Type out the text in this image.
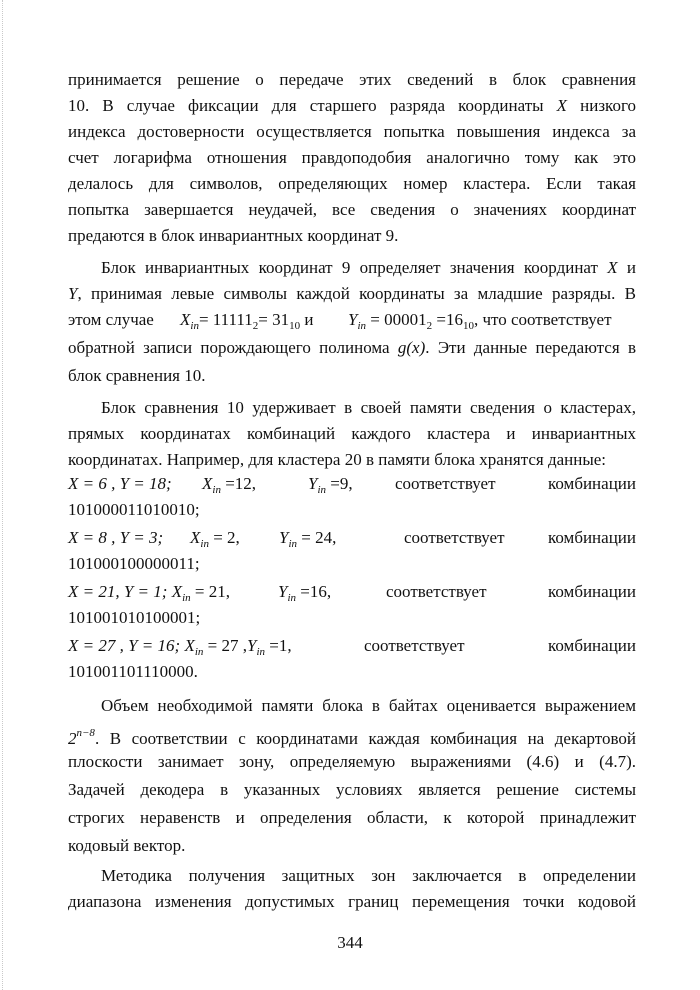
принимается решение о передаче этих сведений в блок сравнения
10. В случае фиксации для старшего разряда координаты X низкого
индекса достоверности осуществляется попытка повышения индекса за
счет логарифма отношения правдоподобия аналогично тому как это
делалось для символов, определяющих номер кластера. Если такая
попытка завершается неудачей, все сведения о значениях координат
предаются в блок инвариантных координат 9.
Блок инвариантных координат 9 определяет значения координат X и
Y, принимая левые символы каждой координаты за младшие разряды. В
этом случае $X_{in}= 11111_2= 31_{10}$ и $Y_{in} = 00001_2 =16_{10}$, что соответствует
обратной записи порождающего полинома g(x). Эти данные передаются в
блок сравнения 10.
Блок сравнения 10 удерживает в своей памяти сведения о кластерах,
прямых координатах комбинаций каждого кластера и инвариантных
координатах. Например, для кластера 20 в памяти блока хранятся данные:
X = 6 , Y = 18; $X_{in} =12$,	$Y_{in} =9$, соответствует	комбинации
101000011010010;
X = 8 , Y = 3; $X_{in} = 2$, $Y_{in} = 24$,	соответствует	комбинации
101000100000011;
X = 21, Y = 1; $X_{in} = 21$,	$Y_{in} =16$,	соответствует	комбинации
101001010100001;
X = 27 , Y = 16; $X_{in} = 27$ $,Y_{in} =1$,	соответствует	комбинации
101001101110000.
Объем необходимой памяти блока в байтах оценивается выражением
$2^{n-8}$. В соответствии с координатами каждая комбинация на декартовой
плоскости занимает зону, определяемую выражениями (4.6) и (4.7).
Задачей декодера в указанных условиях является решение системы
строгих неравенств и определения области, к которой принадлежит
кодовый вектор.
Методика получения защитных зон заключается в определении
диапазона изменения допустимых границ перемещения точки кодовой
344
